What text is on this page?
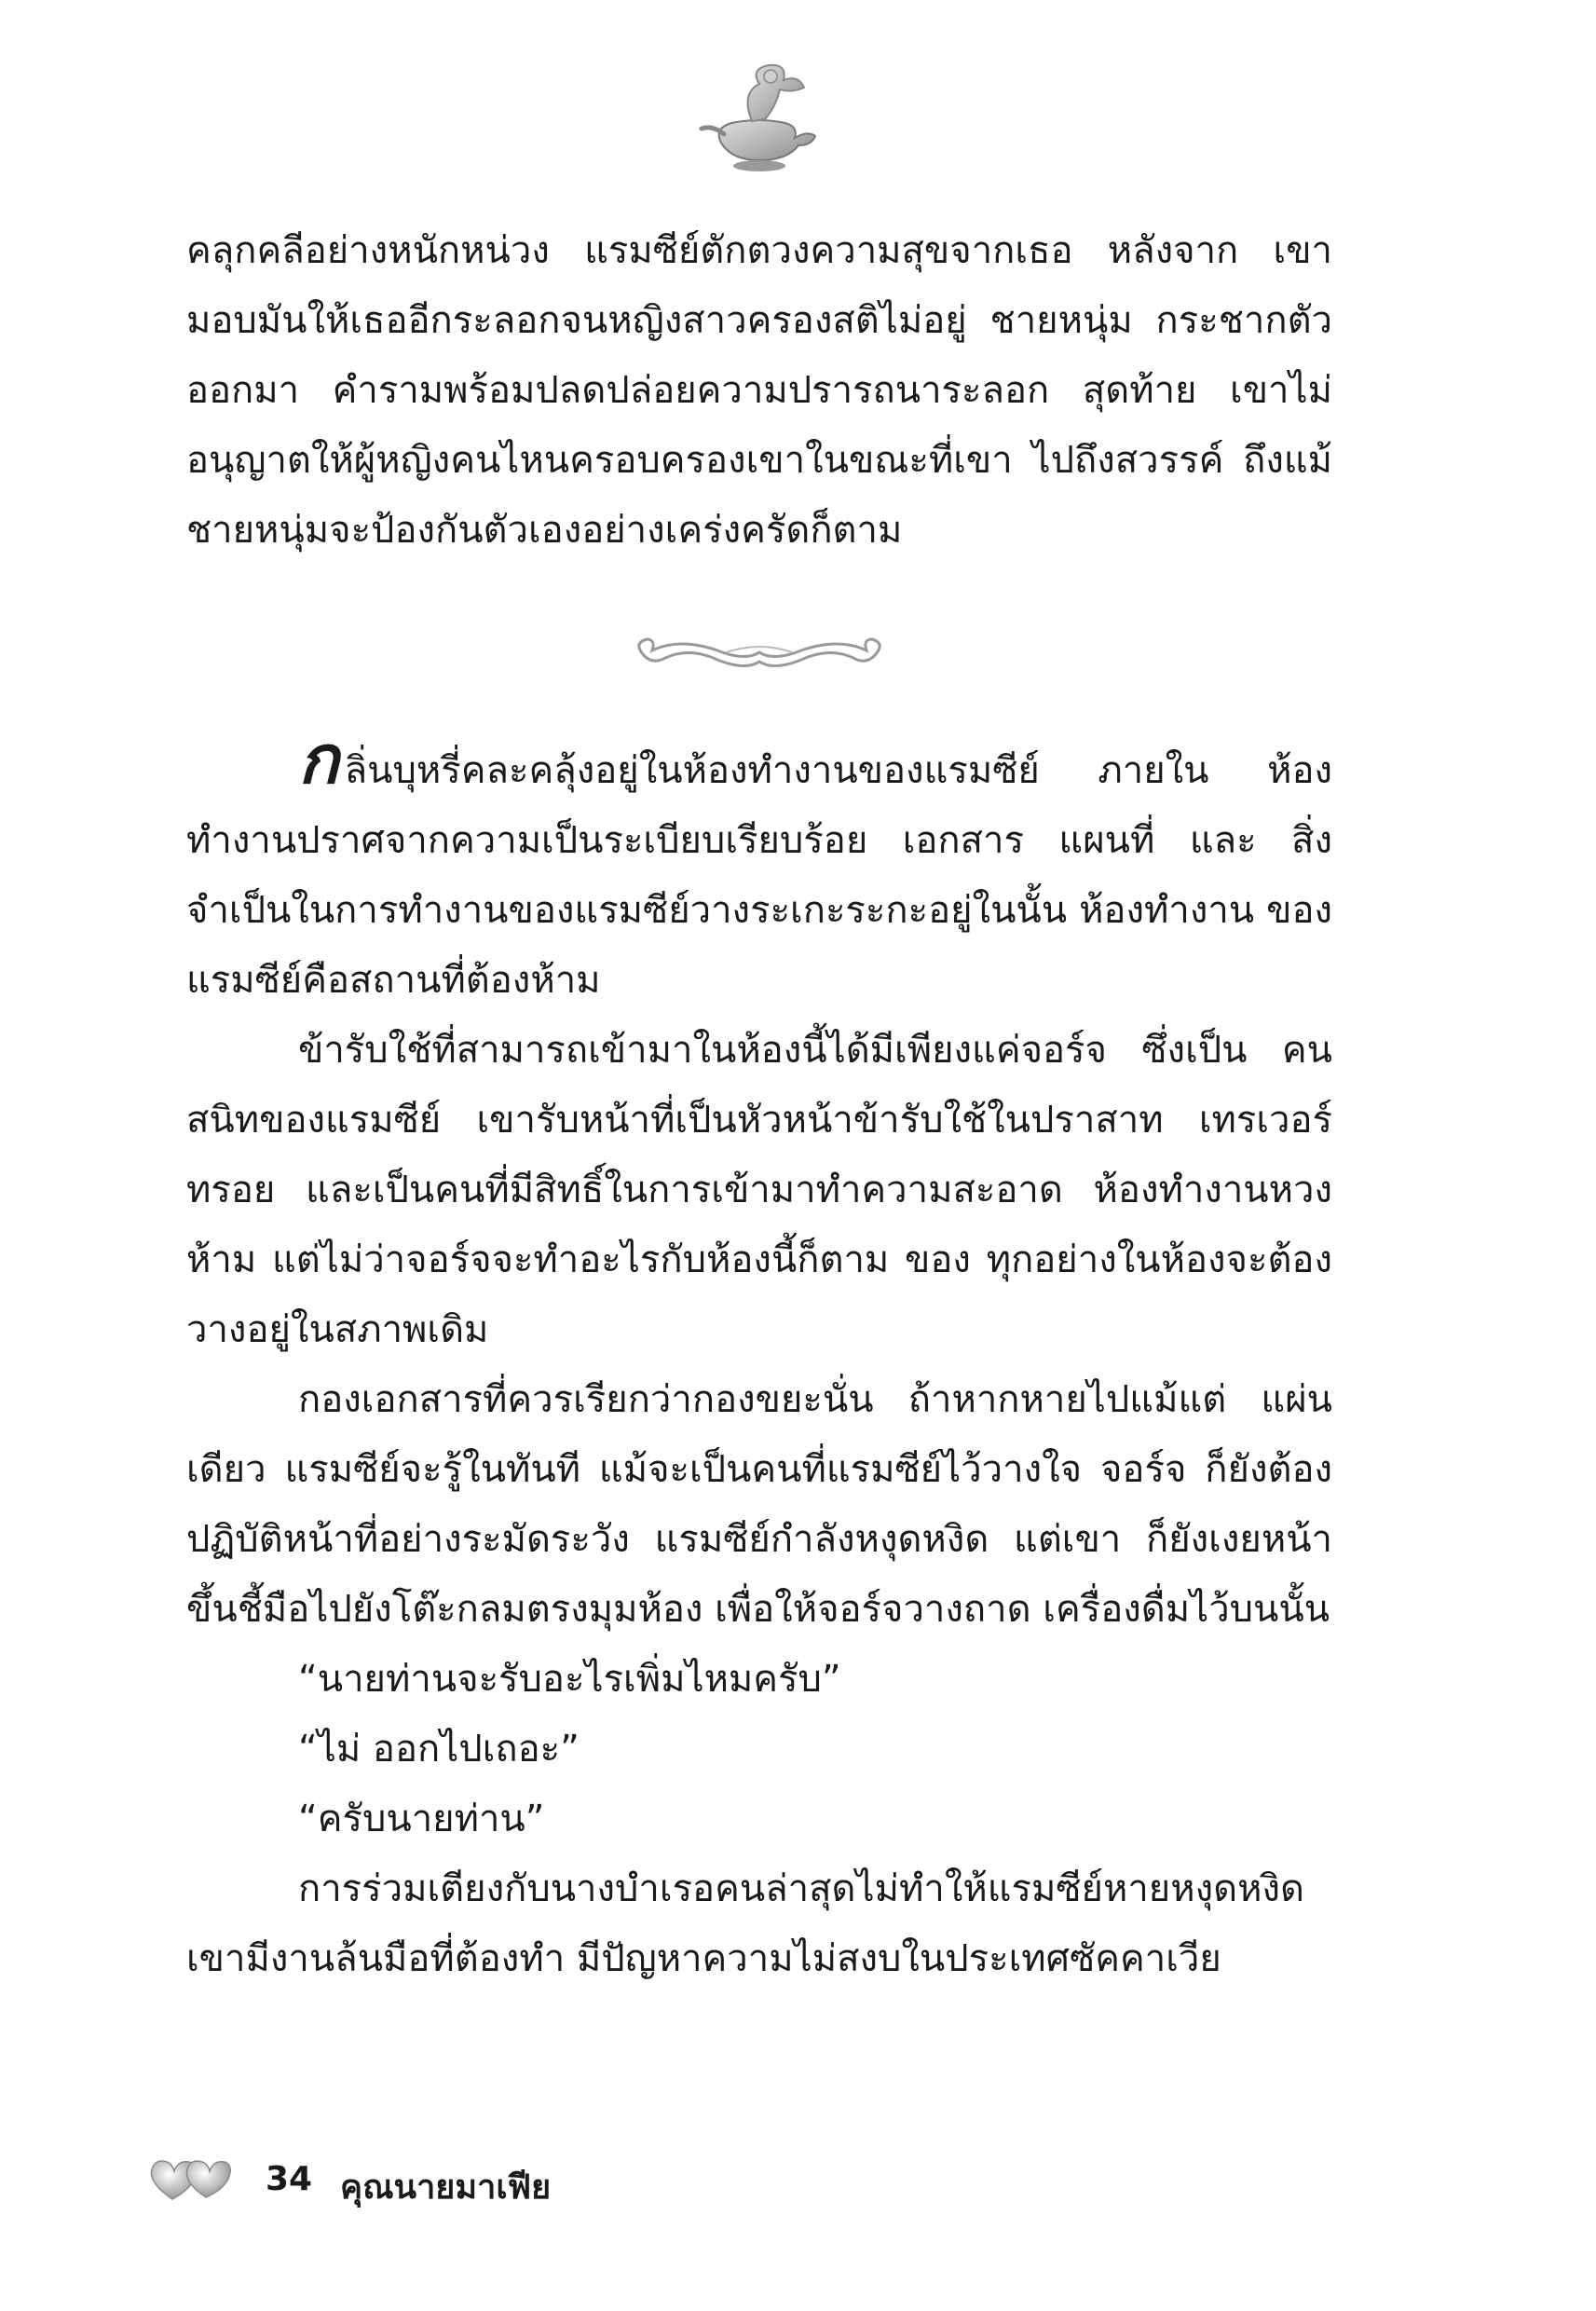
คลุกคลีอย่างหนักหน่วง แรมซีย์ตักตวงความสุขจากเธอ หลังจาก เขามอบมันให้เธออีกระลอกจนหญิงสาวครองสติไม่อยู่ ชายหนุ่ม กระชากตัวออกมา คำรามพร้อมปลดปล่อยความปรารถนาระลอก สุดท้าย เขาไม่อนุญาตให้ผู้หญิงคนไหนครอบครองเขาในขณะที่เขา ไปถึงสวรรค์ ถึงแม้ชายหนุ่มจะป้องกันตัวเองอย่างเคร่งครัดก็ตาม

กลิ่นบุหรี่คละคลุ้งอยู่ในห้องทำงานของแรมซีย์ ภายใน ห้องทำงานปราศจากความเป็นระเบียบเรียบร้อย เอกสาร แผนที่ และ สิ่งจำเป็นในการทำงานของแรมซีย์วางระเกะระกะอยู่ในนั้น ห้องทำงาน ของแรมซีย์คือสถานที่ต้องห้าม

ข้ารับใช้ที่สามารถเข้ามาในห้องนี้ได้มีเพียงแค่จอร์จ ซึ่งเป็น คนสนิทของแรมซีย์ เขารับหน้าที่เป็นหัวหน้าข้ารับใช้ในปราสาท เทรเวอร์ทรอย และเป็นคนที่มีสิทธิ์ในการเข้ามาทำความสะอาด ห้องทำงานหวงห้าม แต่ไม่ว่าจอร์จจะทำอะไรกับห้องนี้ก็ตาม ของ ทุกอย่างในห้องจะต้องวางอยู่ในสภาพเดิม

กองเอกสารที่ควรเรียกว่ากองขยะนั่น ถ้าหากหายไปแม้แต่ แผ่นเดียว แรมซีย์จะรู้ในทันที แม้จะเป็นคนที่แรมซีย์ไว้วางใจ จอร์จ ก็ยังต้องปฏิบัติหน้าที่อย่างระมัดระวัง แรมซีย์กำลังหงุดหงิด แต่เขา ก็ยังเงยหน้าขึ้นชี้มือไปยังโต๊ะกลมตรงมุมห้อง เพื่อให้จอร์จวางถาด เครื่องดื่มไว้บนนั้น

“นายท่านจะรับอะไรเพิ่มไหมครับ”

“ไม่ ออกไปเถอะ”

“ครับนายท่าน”

การร่วมเตียงกับนางบำเรอคนล่าสุดไม่ทำให้แรมซีย์หายหงุดหงิด เขามีงานล้นมือที่ต้องทำ มีปัญหาความไม่สงบในประเทศซัคคาเวีย

34 คุณนายมาเฟีย
